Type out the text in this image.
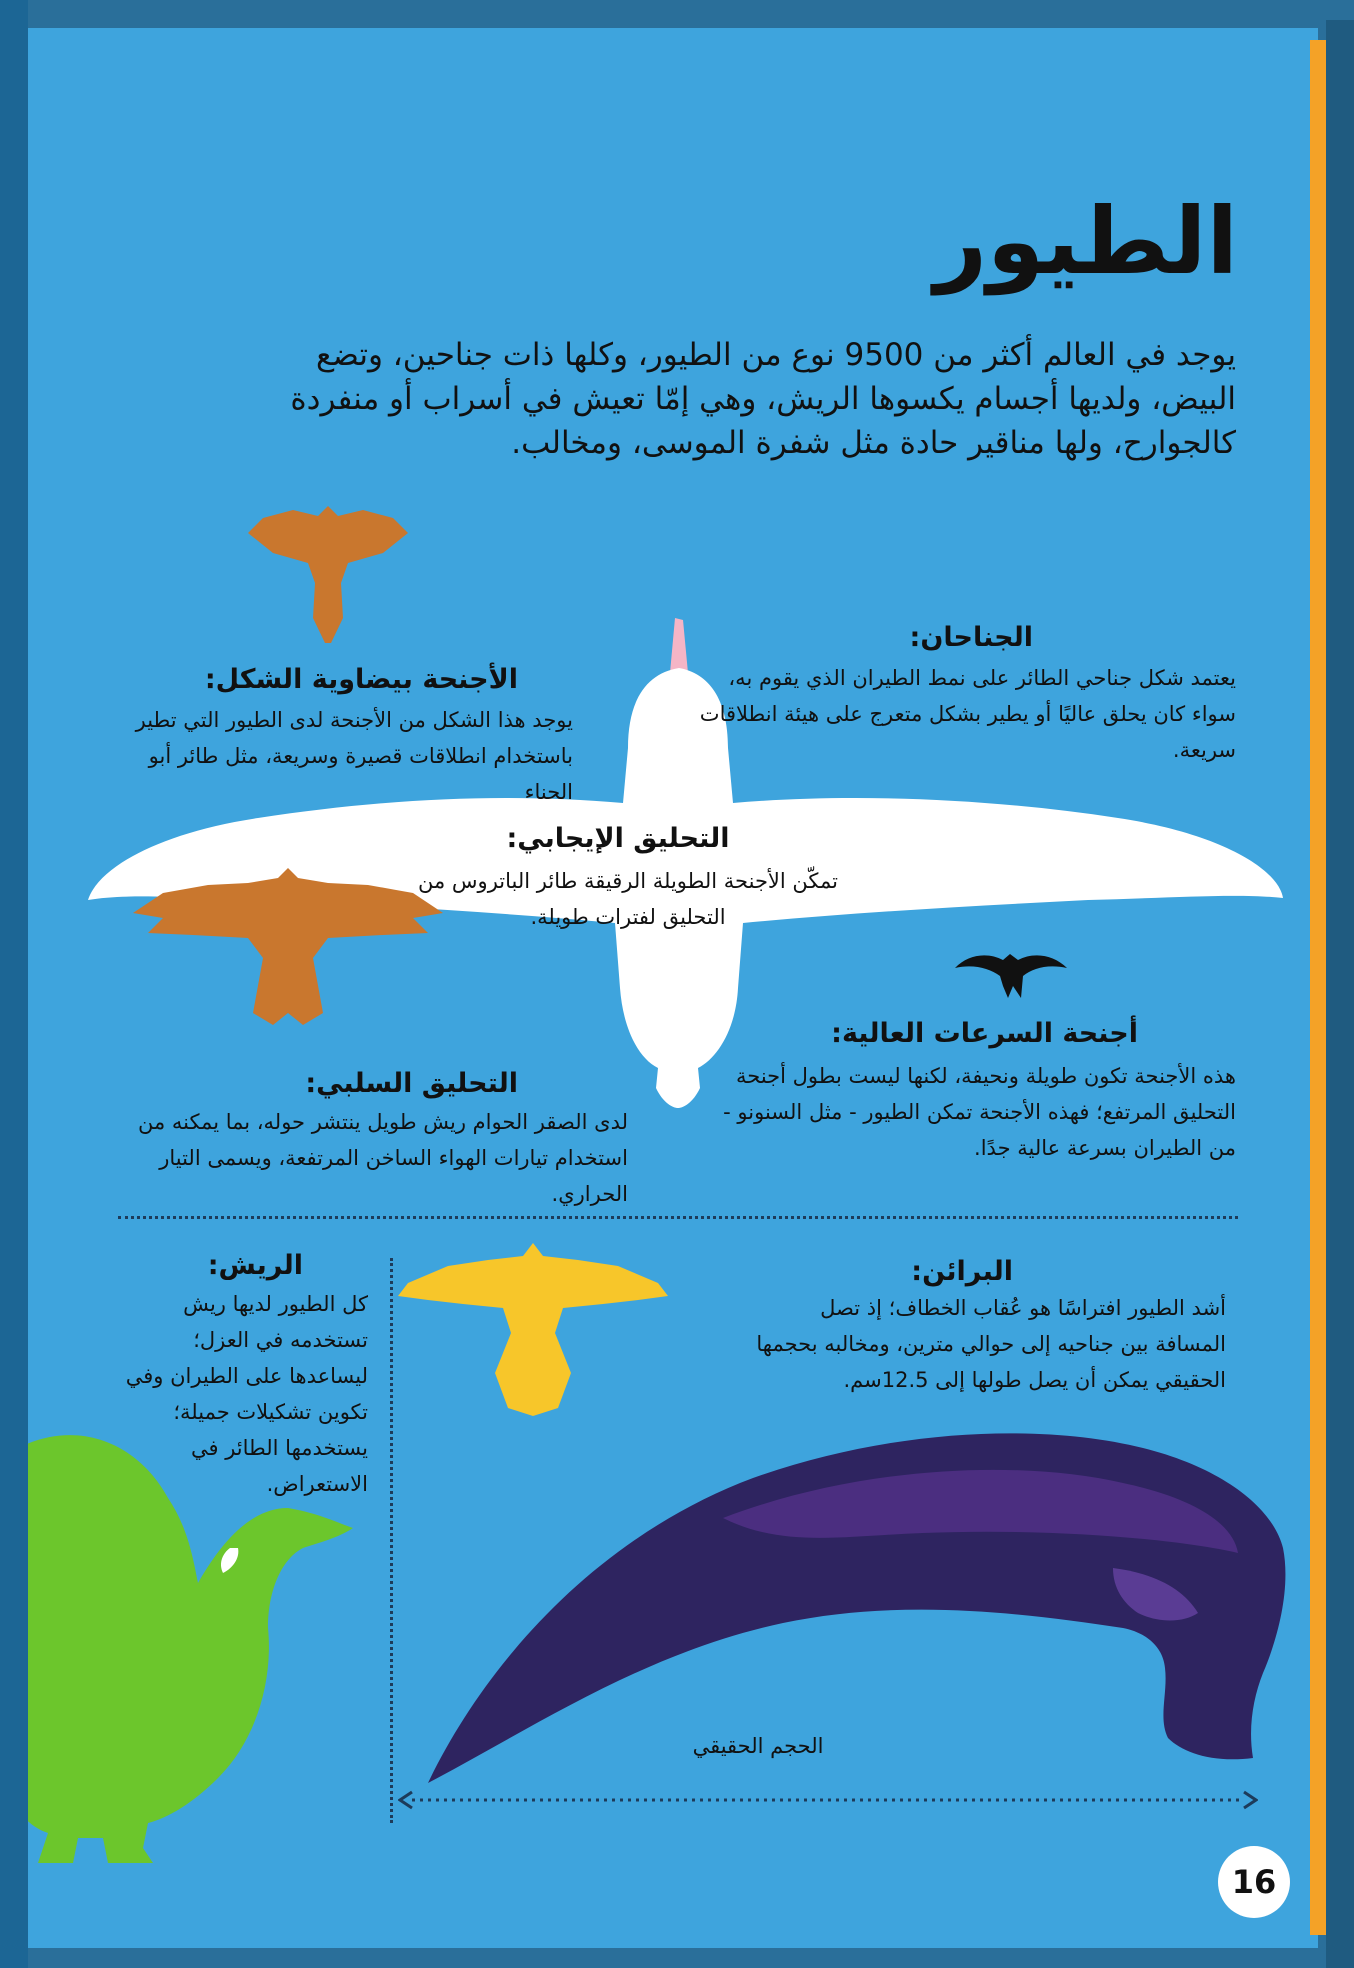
الطيور
يوجد في العالم أكثر من 9500 نوع من الطيور، وكلها ذات جناحين، وتضع البيض، ولديها أجسام يكسوها الريش، وهي إمّا تعيش في أسراب أو منفردة كالجوارح، ولها مناقير حادة مثل شفرة الموسى، ومخالب.
الجناحان:
يعتمد شكل جناحي الطائر على نمط الطيران الذي يقوم به، سواء كان يحلق عاليًا أو يطير بشكل متعرج على هيئة انطلاقات سريعة.
الأجنحة بيضاوية الشكل:
يوجد هذا الشكل من الأجنحة لدى الطيور التي تطير باستخدام انطلاقات قصيرة وسريعة، مثل طائر أبو الحناء
التحليق الإيجابي:
تمكّن الأجنحة الطويلة الرقيقة طائر الباتروس من التحليق لفترات طويلة.
أجنحة السرعات العالية:
هذه الأجنحة تكون طويلة ونحيفة، لكنها ليست بطول أجنحة التحليق المرتفع؛ فهذه الأجنحة تمكن الطيور - مثل السنونو - من الطيران بسرعة عالية جدًا.
التحليق السلبي:
لدى الصقر الحوام ريش طويل ينتشر حوله، بما يمكنه من استخدام تيارات الهواء الساخن المرتفعة، ويسمى التيار الحراري.
البرائن:
أشد الطيور افتراسًا هو عُقاب الخطاف؛ إذ تصل المسافة بين جناحيه إلى حوالي مترين، ومخالبه بحجمها الحقيقي يمكن أن يصل طولها إلى 12.5سم.
الريش:
كل الطيور لديها ريش تستخدمه في العزل؛ ليساعدها على الطيران وفي تكوين تشكيلات جميلة؛ يستخدمها الطائر في الاستعراض.
الحجم الحقيقي
16
